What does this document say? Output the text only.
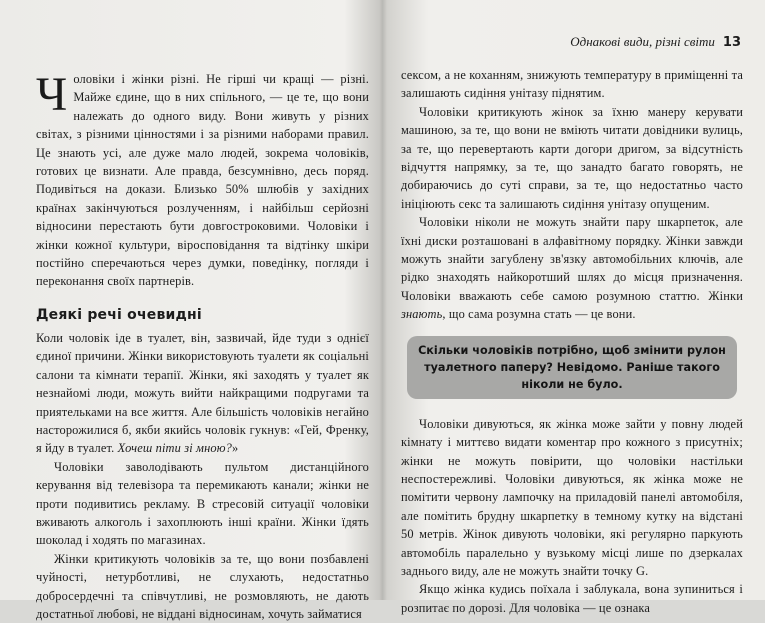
Чоловіки і жінки різні. Не гірші чи кращі — різні. Майже єдине, що в них спільного, — це те, що вони належать до одного виду. Вони живуть у різних світах, з різними цінностями і за різними наборами правил. Це знають усі, але дуже мало людей, зокрема чоловіків, готових це визнати. Але правда, безсумнівно, десь поряд. Подивіться на докази. Близько 50% шлюбів у західних країнах закінчуються розлученням, і найбільш серйозні відносини перестають бути довгостроковими. Чоловіки і жінки кожної культури, віросповідання та відтінку шкіри постійно сперечаються через думки, поведінку, погляди і переконання своїх партнерів.

Деякі речі очевидні

Коли чоловік іде в туалет, він, зазвичай, йде туди з однієї єдиної причини. Жінки використовують туалети як соціальні салони та кімнати терапії. Жінки, які заходять у туалет як незнайомі люди, можуть вийти найкращими подругами та приятельками на все життя. Але більшість чоловіків негайно насторожилися б, якби якийсь чоловік гукнув: «Гей, Френку, я йду в туалет. Хочеш піти зі мною?»

Чоловіки заволодівають пультом дистанційного керування від телевізора та перемикають канали; жінки не проти подивитись рекламу. В стресовій ситуації чоловіки вживають алкоголь і захоплюють інші країни. Жінки їдять шоколад і ходять по магазинах.

Жінки критикують чоловіків за те, що вони позбавлені чуйності, нетурботливі, не слухають, недостатньо добросердечні та співчутливі, не розмовляють, не дають достатньої любові, не віддані відносинам, хочуть займатися

Однакові види, різні світи 13

сексом, а не коханням, знижують температуру в приміщенні та залишають сидіння унітазу піднятим.

Чоловіки критикують жінок за їхню манеру керувати машиною, за те, що вони не вміють читати довідники вулиць, за те, що перевертають карти догори дригом, за відсутність відчуття напрямку, за те, що занадто багато говорять, не добираючись до суті справи, за те, що недостатньо часто ініціюють секс та залишають сидіння унітазу опущеним.

Чоловіки ніколи не можуть знайти пару шкарпеток, але їхні диски розташовані в алфавітному порядку. Жінки завжди можуть знайти загублену зв'язку автомобільних ключів, але рідко знаходять найкоротший шлях до місця призначення. Чоловіки вважають себе самою розумною статтю. Жінки знають, що сама розумна стать — це вони.

Скільки чоловіків потрібно, щоб змінити рулон туалетного паперу? Невідомо. Раніше такого ніколи не було.

Чоловіки дивуються, як жінка може зайти у повну людей кімнату і миттєво видати коментар про кожного з присутніх; жінки не можуть повірити, що чоловіки настільки неспостережливі. Чоловіки дивуються, як жінка може не помітити червону лампочку на приладовій панелі автомобіля, але помітить брудну шкарпетку в темному кутку на відстані 50 метрів. Жінок дивують чоловіки, які регулярно паркують автомобіль паралельно у вузькому місці лише по дзеркалах заднього виду, але не можуть знайти точку G.

Якщо жінка кудись поїхала і заблукала, вона зупиниться і розпитає по дорозі. Для чоловіка — це ознака
